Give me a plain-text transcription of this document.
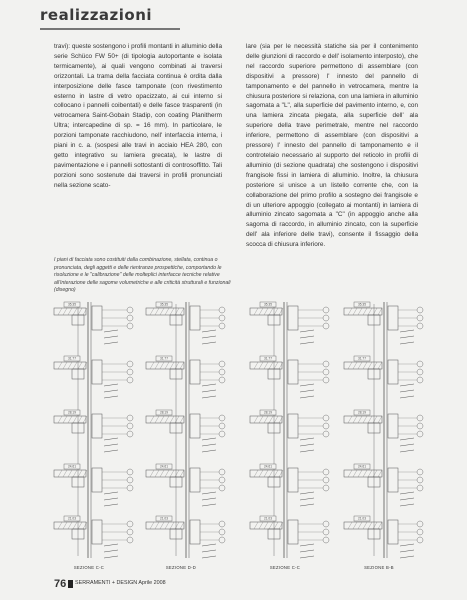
realizzazioni
travi): queste sostengono i profili montanti in alluminio della serie Schüco FW 50+ (di tipologia autoportante e isolata termicamente), ai quali vengono combinati ai traversi orizzontali. La trama della facciata continua è ordita dalla interposizione delle fasce tamponate (con rivestimento esterno in lastre di vetro opacizzato, ai cui interno si collocano i pannelli coibentati) e delle fasce trasparenti (in vetrocamera Saint-Gobain Stadip, con coating Planitherm Ultra; intercapedine di sp. = 16 mm). In particolare, le porzioni tamponate racchiudono, nell' interfaccia interna, i piani in c. a. (sospesi alle travi in acciaio HEA 280, con getto integrativo su lamiera grecata), le lastre di pavimentazione e i pannelli sottostanti di controsoffitto. Tali porzioni sono sostenute dai traversi in profili pronunciati nella sezione scato-
lare (sia per le necessità statiche sia per il contenimento delle giunzioni di raccordo e dell' isolamento interposto), che nel raccordo superiore permettono di assemblare (con dispositivi a pressore) l' innesto del pannello di tamponamento e del pannello in vetrocamera, mentre la chiusura posteriore si relaziona, con una lamiera in alluminio sagomata a "L", alla superficie del pavimento interno, e, con una lamiera zincata piegata, alla superficie dell' ala superiore della trave perimetrale, mentre nel raccordo inferiore, permettono di assemblare (con dispositivi a pressore) l' innesto del pannello di tamponamento e il controtelaio necessario al supporto del reticolo in profili di alluminio (di sezione quadrata) che sostengono i dispositivi frangisole fissi in lamiera di alluminio. Inoltre, la chiusura posteriore si unisce a un listello corrente che, con la collaborazione del primo profilo a sostegno dei frangisole e di un ulteriore appoggio (collegato ai montanti) in lamiera di alluminio zincato sagomata a "C" (in appoggio anche alla sagoma di raccordo, in alluminio zincato, con la superficie dell' ala inferiore delle travi), consente il fissaggio della scocca di chiusura inferiore.
I piani di facciata sono costituiti dalla combinazione, stellata, continua o pronunciata, degli aggetti e delle rientranze prospettiche, comportando le risoluzione e le "calibrazione" delle molteplici interfacce tecniche relative all'interazione delle sagome volumetriche e alle criticità strutturali e funzionali (disegno)
35.35
31.77
28.19
24.61
21.03
SEZIONE C-C
35.35
31.77
28.19
24.61
21.03
SEZIONE D-D
35.35
31.77
28.19
24.61
21.03
SEZIONE C-C
35.35
31.77
28.19
24.61
21.03
SEZIONE B-B
76 SERRAMENTI + DESIGN Aprile 2008
